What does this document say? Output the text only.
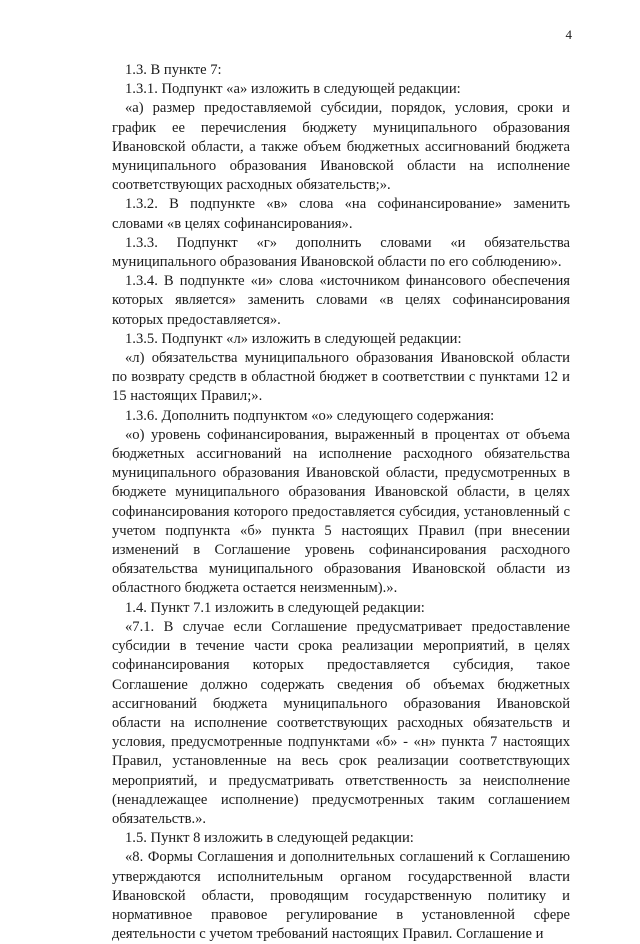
4

1.3. В пункте 7:

1.3.1. Подпункт «а» изложить в следующей редакции:

«а) размер предоставляемой субсидии, порядок, условия, сроки и график ее перечисления бюджету муниципального образования Ивановской области, а также объем бюджетных ассигнований бюджета муниципального образования Ивановской области на исполнение соответствующих расходных обязательств;».

1.3.2. В подпункте «в» слова «на софинансирование» заменить словами «в целях софинансирования».

1.3.3. Подпункт «г» дополнить словами «и обязательства муниципального образования Ивановской области по его соблюдению».

1.3.4. В подпункте «и» слова «источником финансового обеспечения которых является» заменить словами «в целях софинансирования которых предоставляется».

1.3.5. Подпункт «л» изложить в следующей редакции:

«л) обязательства муниципального образования Ивановской области по возврату средств в областной бюджет в соответствии с пунктами 12 и 15 настоящих Правил;».

1.3.6. Дополнить подпунктом «о» следующего содержания:

«о) уровень софинансирования, выраженный в процентах от объема бюджетных ассигнований на исполнение расходного обязательства муниципального образования Ивановской области, предусмотренных в бюджете муниципального образования Ивановской области, в целях софинансирования которого предоставляется субсидия, установленный с учетом подпункта «б» пункта 5 настоящих Правил (при внесении изменений в Соглашение уровень софинансирования расходного обязательства муниципального образования Ивановской области из областного бюджета остается неизменным).».

1.4. Пункт 7.1 изложить в следующей редакции:

«7.1. В случае если Соглашение предусматривает предоставление субсидии в течение части срока реализации мероприятий, в целях софинансирования которых предоставляется субсидия, такое Соглашение должно содержать сведения об объемах бюджетных ассигнований бюджета муниципального образования Ивановской области на исполнение соответствующих расходных обязательств и условия, предусмотренные подпунктами «б» - «н» пункта 7 настоящих Правил, установленные на весь срок реализации соответствующих мероприятий, и предусматривать ответственность за неисполнение (ненадлежащее исполнение) предусмотренных таким соглашением обязательств.».

1.5. Пункт 8 изложить в следующей редакции:

«8. Формы Соглашения и дополнительных соглашений к Соглашению утверждаются исполнительным органом государственной власти Ивановской области, проводящим государственную политику и нормативное правовое регулирование в установленной сфере деятельности с учетом требований настоящих Правил. Соглашение и
